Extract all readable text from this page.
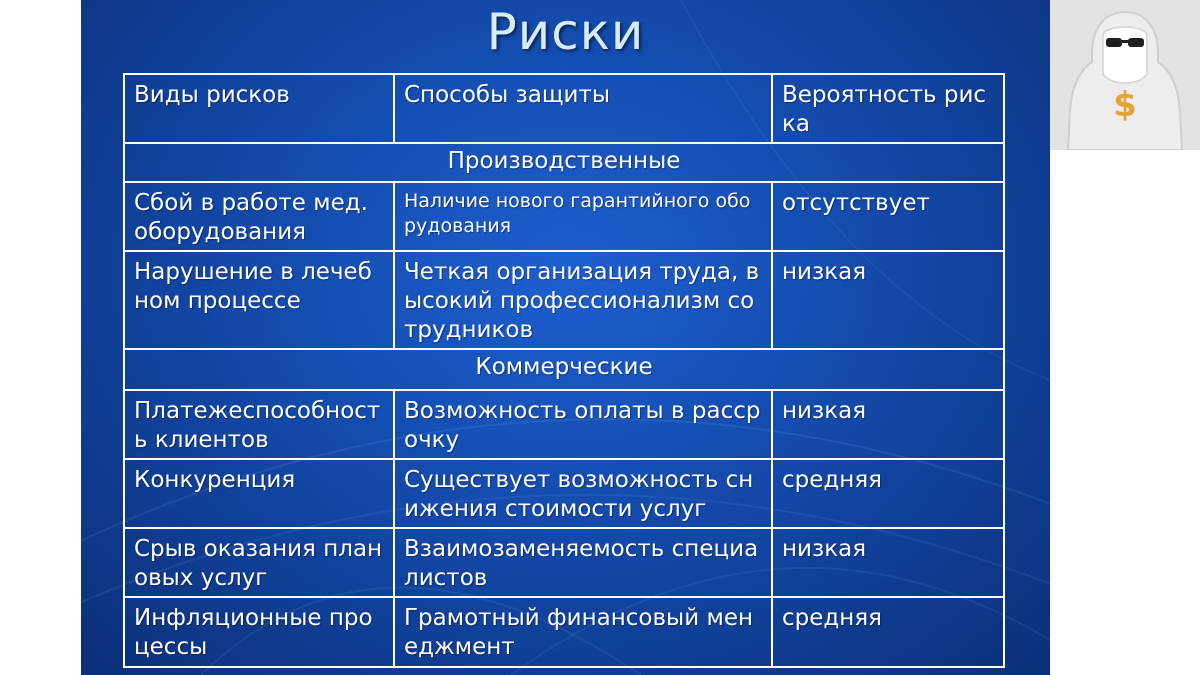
Риски
Виды рисков	Способы защиты	Вероятность риска
Производственные		
Сбой в работе мед. оборудования	Наличие нового гарантийного оборудования	отсутствует
Нарушение в лечебном процессе	Четкая организация труда, высокий профессионализм сотрудников	низкая
Коммерческие		
Платежеспособность клиентов	Возможность оплаты в рассрочку	низкая
Конкуренция	Существует возможность снижения стоимости услуг	средняя
Срыв оказания плановых услуг	Взаимозаменяемость специалистов	низкая
Инфляционные процессы	Грамотный финансовый менеджмент	средняя
$
